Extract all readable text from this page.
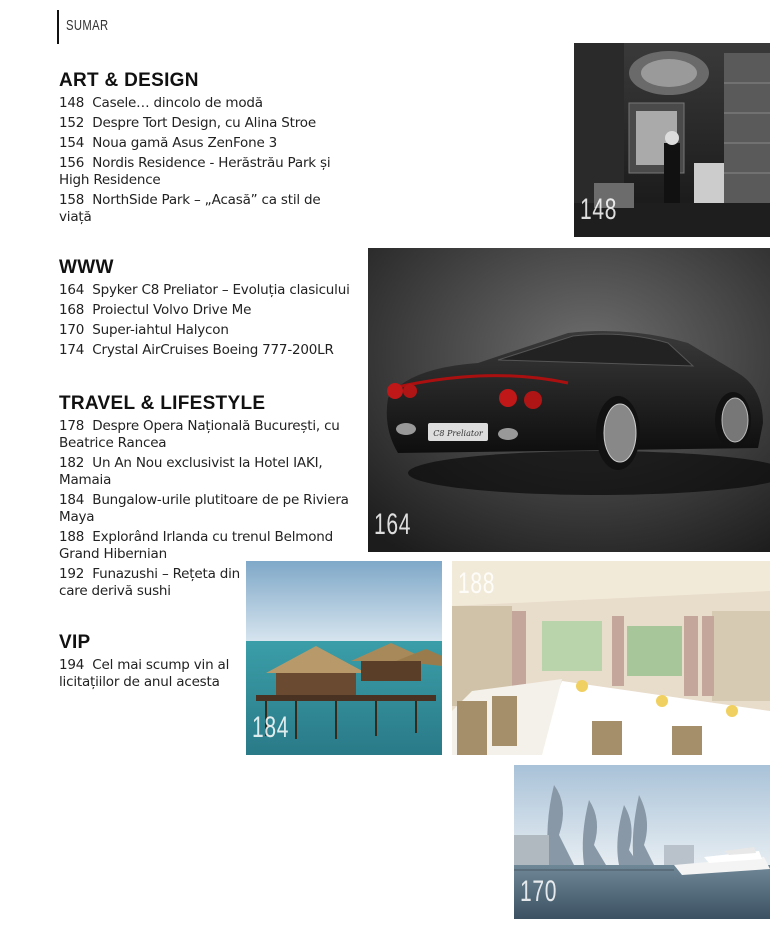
SUMAR
ART & DESIGN
148 Casele… dincolo de modă
152 Despre Tort Design, cu Alina Stroe
154 Noua gamă Asus ZenFone 3
156 Nordis Residence - Herăstrău Park și High Residence
158 NorthSide Park – „Acasă” ca stil de viață
WWW
164 Spyker C8 Preliator – Evoluția clasicului
168 Proiectul Volvo Drive Me
170 Super-iahtul Halycon
174 Crystal AirCruises Boeing 777-200LR
TRAVEL & LIFESTYLE
178 Despre Opera Națională București, cu Beatrice Rancea
182 Un An Nou exclusivist la Hotel IAKI, Mamaia
184 Bungalow-urile plutitoare de pe Riviera Maya
188 Explorând Irlanda cu trenul Belmond Grand Hibernian
192 Funazushi – Rețeta din care derivă sushi
VIP
194 Cel mai scump vin al licitațiilor de anul acesta
148
C8 Preliator
164
184
188
170
